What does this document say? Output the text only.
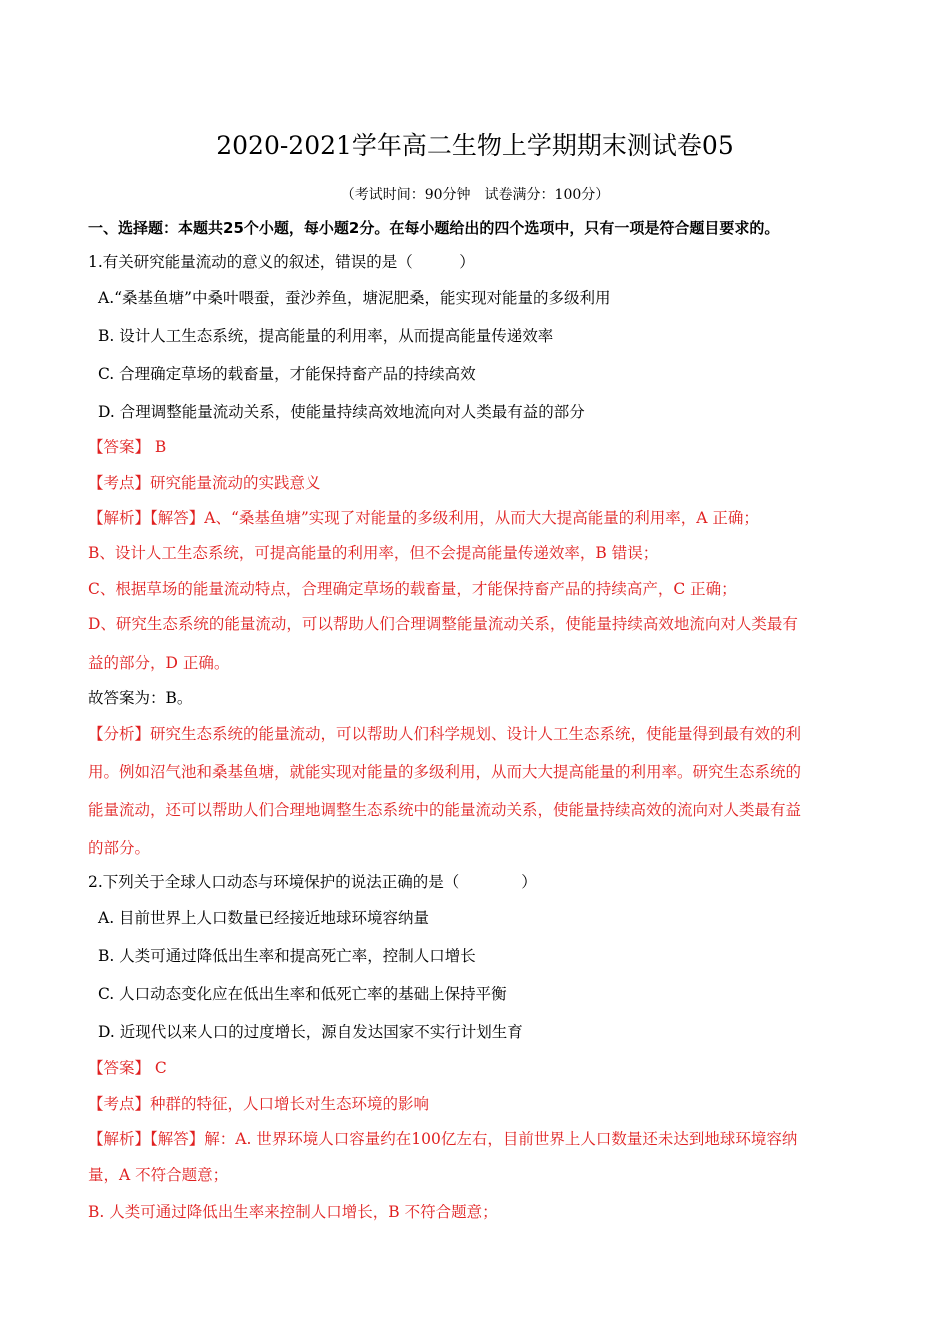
2020-2021学年高二生物上学期期末测试卷05
（考试时间：90分钟　试卷满分：100分）
一、选择题：本题共25个小题，每小题2分。在每小题给出的四个选项中，只有一项是符合题目要求的。
1.有关研究能量流动的意义的叙述，错误的是（　　　）
A.“桑基鱼塘”中桑叶喂蚕，蚕沙养鱼，塘泥肥桑，能实现对能量的多级利用
B. 设计人工生态系统，提高能量的利用率，从而提高能量传递效率
C. 合理确定草场的载畜量，才能保持畜产品的持续高效
D. 合理调整能量流动关系，使能量持续高效地流向对人类最有益的部分
【答案】 B
【考点】研究能量流动的实践意义
【解析】【解答】A、“桑基鱼塘”实现了对能量的多级利用，从而大大提高能量的利用率，A 正确；
B、设计人工生态系统，可提高能量的利用率，但不会提高能量传递效率，B 错误；
C、根据草场的能量流动特点，合理确定草场的载畜量，才能保持畜产品的持续高产，C 正确；
D、研究生态系统的能量流动，可以帮助人们合理调整能量流动关系，使能量持续高效地流向对人类最有
益的部分，D 正确。
故答案为：B。
【分析】研究生态系统的能量流动，可以帮助人们科学规划、设计人工生态系统，使能量得到最有效的利
用。例如沼气池和桑基鱼塘，就能实现对能量的多级利用，从而大大提高能量的利用率。研究生态系统的
能量流动，还可以帮助人们合理地调整生态系统中的能量流动关系，使能量持续高效的流向对人类最有益
的部分。
2.下列关于全球人口动态与环境保护的说法正确的是（　　　　）
A. 目前世界上人口数量已经接近地球环境容纳量
B. 人类可通过降低出生率和提高死亡率，控制人口增长
C. 人口动态变化应在低出生率和低死亡率的基础上保持平衡
D. 近现代以来人口的过度增长，源自发达国家不实行计划生育
【答案】 C
【考点】种群的特征，人口增长对生态环境的影响
【解析】【解答】解：A. 世界环境人口容量约在100亿左右，目前世界上人口数量还未达到地球环境容纳
量，A 不符合题意；
B. 人类可通过降低出生率来控制人口增长，B 不符合题意；
